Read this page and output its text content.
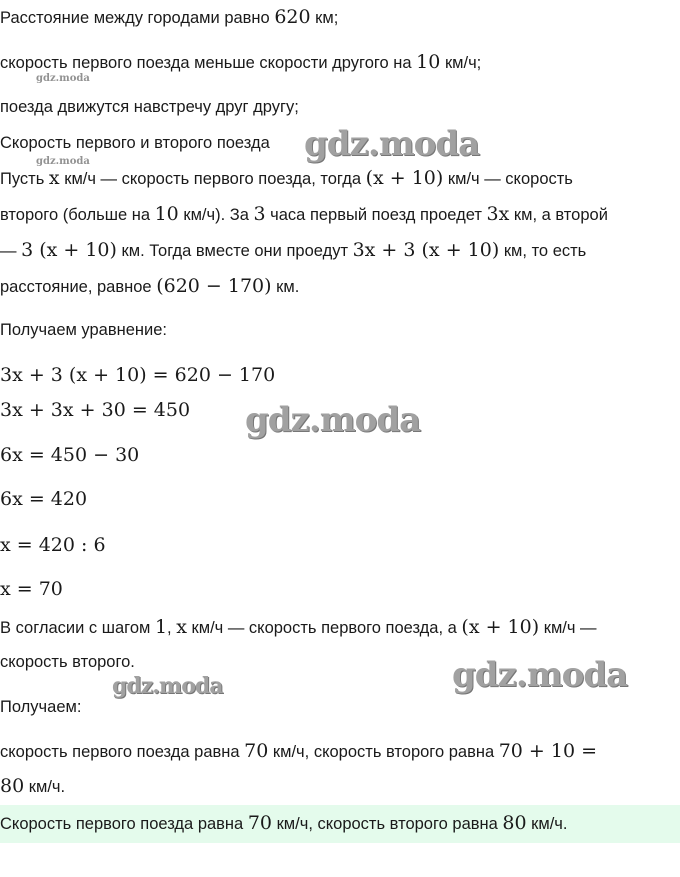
Расстояние между городами равно 620 км;
скорость первого поезда меньше скорости другого на 10 км/ч;
поезда движутся навстречу друг другу;
Скорость первого и второго поезда
Пусть x км/ч — скорость первого поезда, тогда (x + 10) км/ч — скорость
второго (больше на 10 км/ч). За 3 часа первый поезд проедет 3x км, а второй
— 3 (x + 10) км. Тогда вместе они проедут 3x + 3 (x + 10) км, то есть
расстояние, равное (620 − 170) км.
Получаем уравнение:
3x + 3 (x + 10) = 620 − 170
3x + 3x + 30 = 450
6x = 450 − 30
6x = 420
x = 420 : 6
x = 70
В согласии с шагом 1, x км/ч — скорость первого поезда, а (x + 10) км/ч —
скорость второго.
Получаем:
скорость первого поезда равна 70 км/ч, скорость второго равна 70 + 10 =
80 км/ч.
Скорость первого поезда равна 70 км/ч, скорость второго равна 80 км/ч.
gdz.moda
gdz.moda	gdz.moda
gdz.moda
gdz.moda
gdz.moda
